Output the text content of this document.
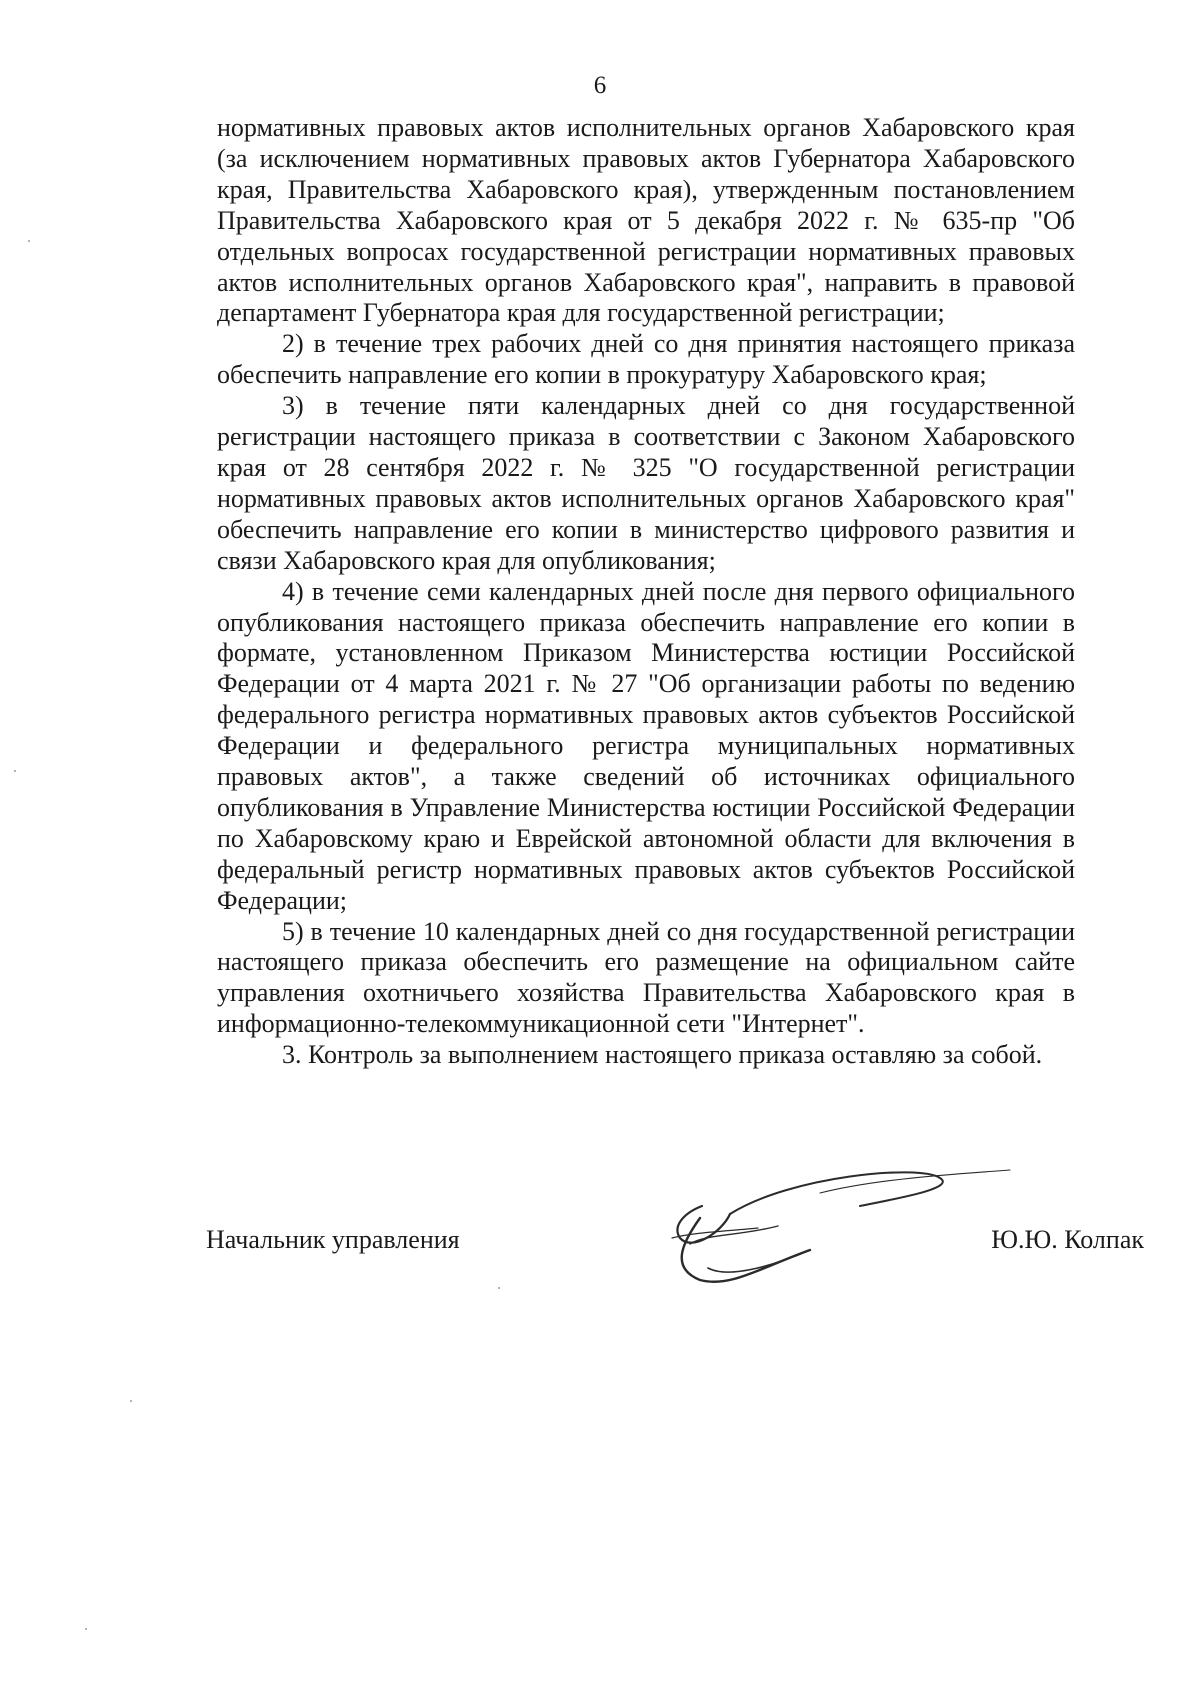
6

нормативных правовых актов исполнительных органов Хабаровского края (за исключением нормативных правовых актов Губернатора Хабаровского края, Правительства Хабаровского края), утвержденным постановлением Правительства Хабаровского края от 5 декабря 2022 г. № 635-пр "Об отдельных вопросах государственной регистрации нормативных правовых актов исполнительных органов Хабаровского края", направить в правовой департамент Губернатора края для государственной регистрации;

2) в течение трех рабочих дней со дня принятия настоящего приказа обеспечить направление его копии в прокуратуру Хабаровского края;

3) в течение пяти календарных дней со дня государственной регистрации настоящего приказа в соответствии с Законом Хабаровского края от 28 сентября 2022 г. № 325 "О государственной регистрации нормативных правовых актов исполнительных органов Хабаровского края" обеспечить направление его копии в министерство цифрового развития и связи Хабаровского края для опубликования;

4) в течение семи календарных дней после дня первого официального опубликования настоящего приказа обеспечить направление его копии в формате, установленном Приказом Министерства юстиции Российской Федерации от 4 марта 2021 г. № 27 "Об организации работы по ведению федерального регистра нормативных правовых актов субъектов Российской Федерации и федерального регистра муниципальных нормативных правовых актов", а также сведений об источниках официального опубликования в Управление Министерства юстиции Российской Федерации по Хабаровскому краю и Еврейской автономной области для включения в федеральный регистр нормативных правовых актов субъектов Российской Федерации;

5) в течение 10 календарных дней со дня государственной регистрации настоящего приказа обеспечить его размещение на официальном сайте управления охотничьего хозяйства Правительства Хабаровского края в информационно-телекоммуникационной сети "Интернет".

3. Контроль за выполнением настоящего приказа оставляю за собой.

Начальник управления	Ю.Ю. Колпак
